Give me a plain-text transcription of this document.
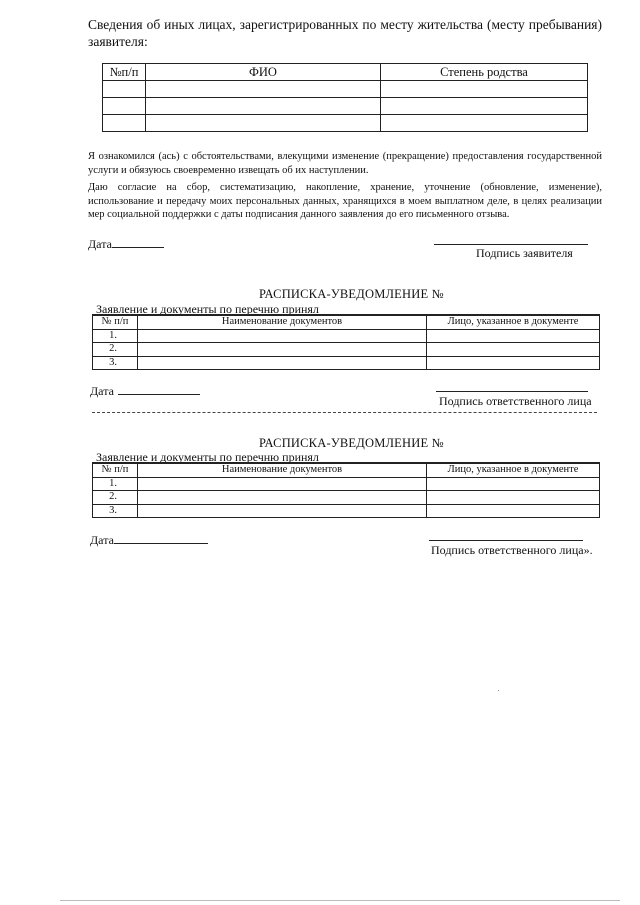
Сведения об иных лицах, зарегистрированных по месту жительства (месту пребывания) заявителя:
№п/п	ФИО	Степень родства

Я ознакомился (ась) с обстоятельствами, влекущими изменение (прекращение) предоставления государственной услуги и обязуюсь своевременно извещать об их наступлении.
Даю согласие на сбор, систематизацию, накопление, хранение, уточнение (обновление, изменение), использование и передачу моих персональных данных, хранящихся в моем выплатном деле, в целях реализации мер социальной поддержки с даты подписания данного заявления до его письменного отзыва.
Дата
Подпись заявителя
РАСПИСКА-УВЕДОМЛЕНИЕ №
Заявление и документы по перечню принял
№ п/п	Наименование документов	Лицо, указанное в документе
1.		
2.		
3.		
Дата
Подпись ответственного лица
РАСПИСКА-УВЕДОМЛЕНИЕ №
Заявление и документы по перечню принял
№ п/п	Наименование документов	Лицо, указанное в документе
1.		
2.		
3.		
Дата
Подпись ответственного лица».
